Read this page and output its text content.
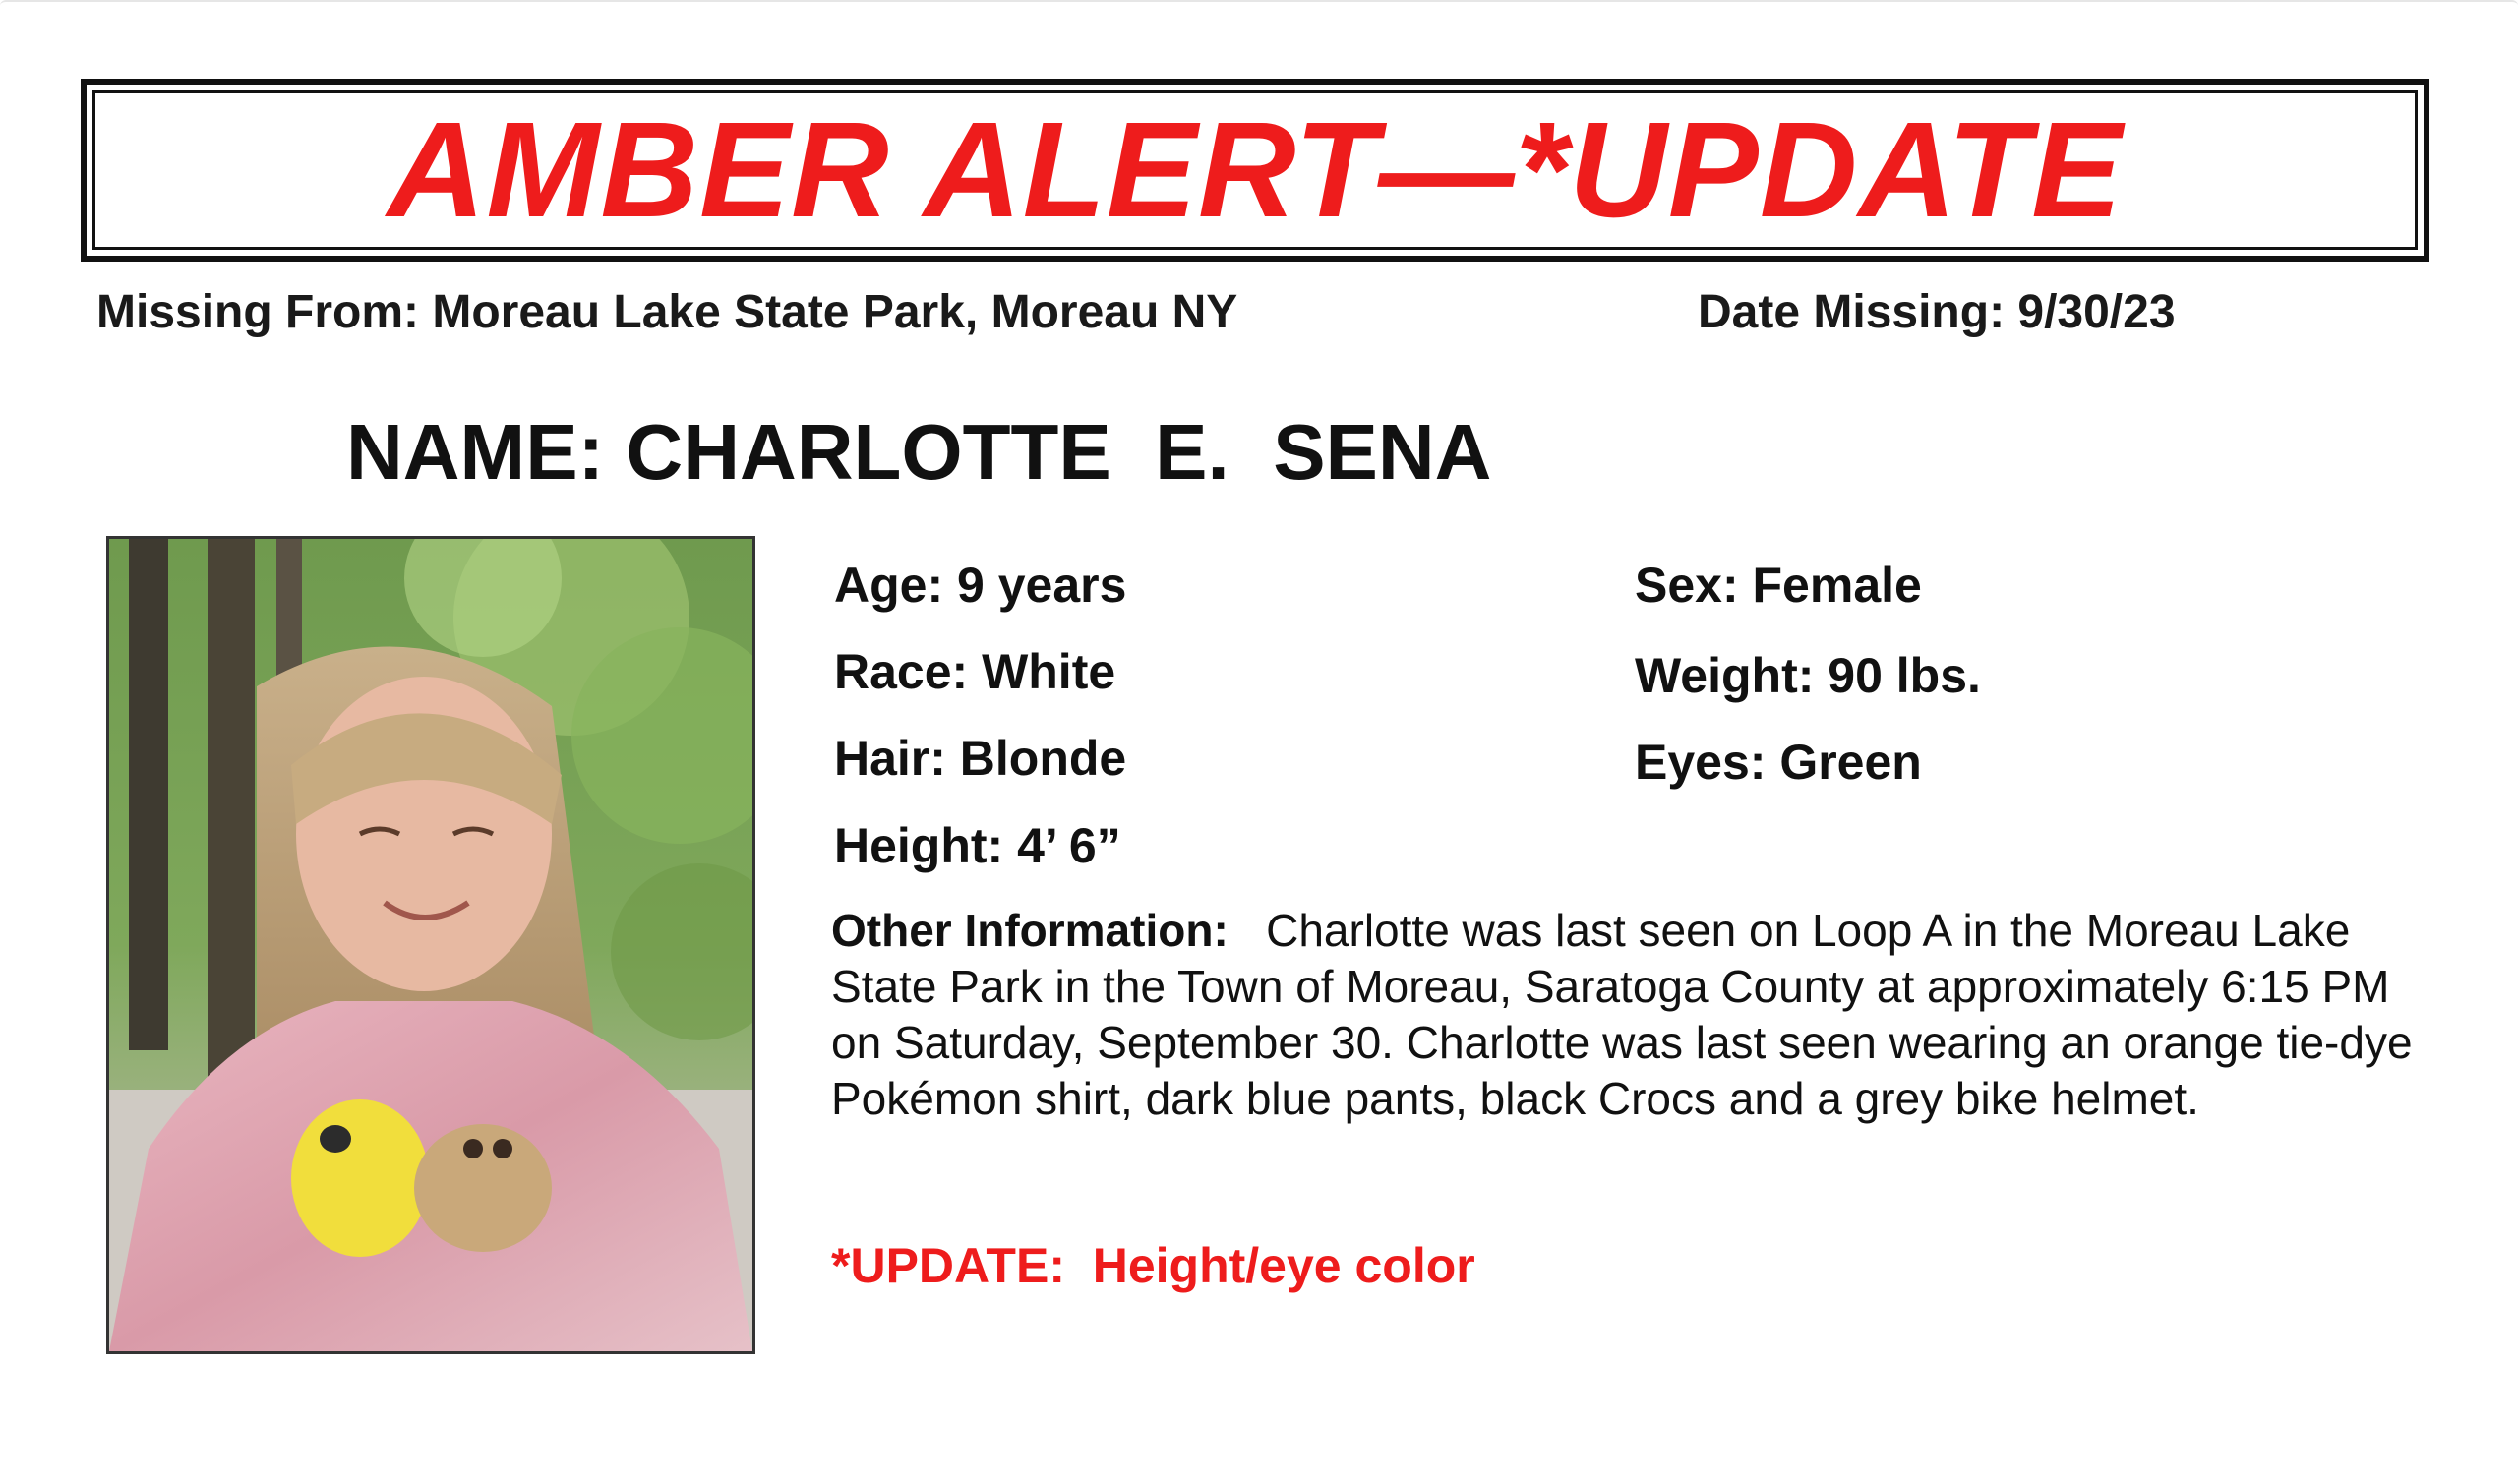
AMBER ALERT—*UPDATE
Missing From: Moreau Lake State Park, Moreau NY	Date Missing: 9/30/23
NAME: CHARLOTTE  E.  SENA
Age: 9 years	Sex: Female
Race: White	Weight: 90 lbs.
Hair: Blonde	Eyes: Green
Height: 4’ 6”
Other Information: Charlotte was last seen on Loop A in the Moreau Lake State Park in the Town of Moreau, Saratoga County at approximately 6:15 PM on Saturday, September 30. Charlotte was last seen wearing an orange tie-dye Pokémon shirt, dark blue pants, black Crocs and a grey bike helmet.
*UPDATE:  Height/eye color
